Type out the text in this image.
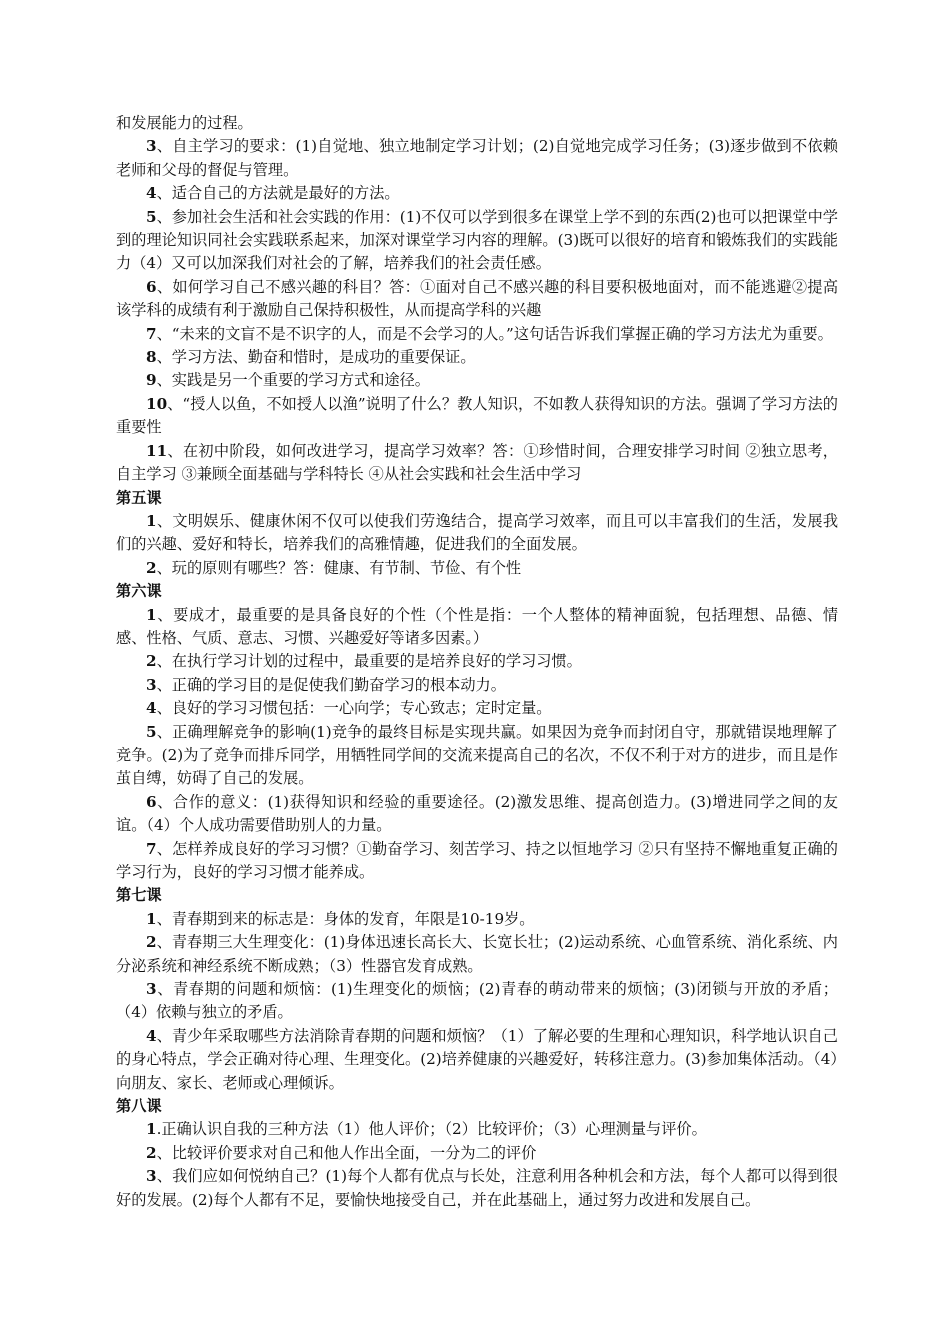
和发展能力的过程。

3、自主学习的要求：(1)自觉地、独立地制定学习计划；(2)自觉地完成学习任务；(3)逐步做到不依赖老师和父母的督促与管理。

4、适合自己的方法就是最好的方法。

5、参加社会生活和社会实践的作用：(1)不仅可以学到很多在课堂上学不到的东西(2)也可以把课堂中学到的理论知识同社会实践联系起来，加深对课堂学习内容的理解。(3)既可以很好的培育和锻炼我们的实践能力（4）又可以加深我们对社会的了解，培养我们的社会责任感。

6、如何学习自己不感兴趣的科目？答：①面对自己不感兴趣的科目要积极地面对，而不能逃避②提高该学科的成绩有利于激励自己保持积极性，从而提高学科的兴趣

7、“未来的文盲不是不识字的人，而是不会学习的人。”这句话告诉我们掌握正确的学习方法尤为重要。

8、学习方法、勤奋和惜时，是成功的重要保证。

9、实践是另一个重要的学习方式和途径。

10、“授人以鱼，不如授人以渔”说明了什么？教人知识，不如教人获得知识的方法。强调了学习方法的重要性

11、在初中阶段，如何改进学习，提高学习效率？答：①珍惜时间，合理安排学习时间 ②独立思考，自主学习 ③兼顾全面基础与学科特长 ④从社会实践和社会生活中学习

第五课

1、文明娱乐、健康休闲不仅可以使我们劳逸结合，提高学习效率，而且可以丰富我们的生活，发展我们的兴趣、爱好和特长，培养我们的高雅情趣，促进我们的全面发展。

2、玩的原则有哪些？答：健康、有节制、节俭、有个性

第六课

1、要成才，最重要的是具备良好的个性（个性是指：一个人整体的精神面貌，包括理想、品德、情感、性格、气质、意志、习惯、兴趣爱好等诸多因素。）

2、在执行学习计划的过程中，最重要的是培养良好的学习习惯。

3、正确的学习目的是促使我们勤奋学习的根本动力。

4、良好的学习习惯包括：一心向学；专心致志；定时定量。

5、正确理解竞争的影响(1)竞争的最终目标是实现共赢。如果因为竞争而封闭自守，那就错误地理解了竞争。(2)为了竞争而排斥同学，用牺牲同学间的交流来提高自己的名次，不仅不利于对方的进步，而且是作茧自缚，妨碍了自己的发展。

6、合作的意义：(1)获得知识和经验的重要途径。(2)激发思维、提高创造力。(3)增进同学之间的友谊。（4）个人成功需要借助别人的力量。

7、怎样养成良好的学习习惯？①勤奋学习、刻苦学习、持之以恒地学习 ②只有坚持不懈地重复正确的学习行为，良好的学习习惯才能养成。

第七课

1、青春期到来的标志是：身体的发育，年限是10-19岁。

2、青春期三大生理变化：(1)身体迅速长高长大、长宽长壮；(2)运动系统、心血管系统、消化系统、内分泌系统和神经系统不断成熟；（3）性器官发育成熟。

3、青春期的问题和烦恼：(1)生理变化的烦恼；(2)青春的萌动带来的烦恼；(3)闭锁与开放的矛盾；（4）依赖与独立的矛盾。

4、青少年采取哪些方法消除青春期的问题和烦恼？（1）了解必要的生理和心理知识，科学地认识自己的身心特点，学会正确对待心理、生理变化。(2)培养健康的兴趣爱好，转移注意力。(3)参加集体活动。（4）向朋友、家长、老师或心理倾诉。

第八课

1.正确认识自我的三种方法（1）他人评价；（2）比较评价；（3）心理测量与评价。

2、比较评价要求对自己和他人作出全面，一分为二的评价

3、我们应如何悦纳自己？(1)每个人都有优点与长处，注意利用各种机会和方法，每个人都可以得到很好的发展。(2)每个人都有不足，要愉快地接受自己，并在此基础上，通过努力改进和发展自己。
